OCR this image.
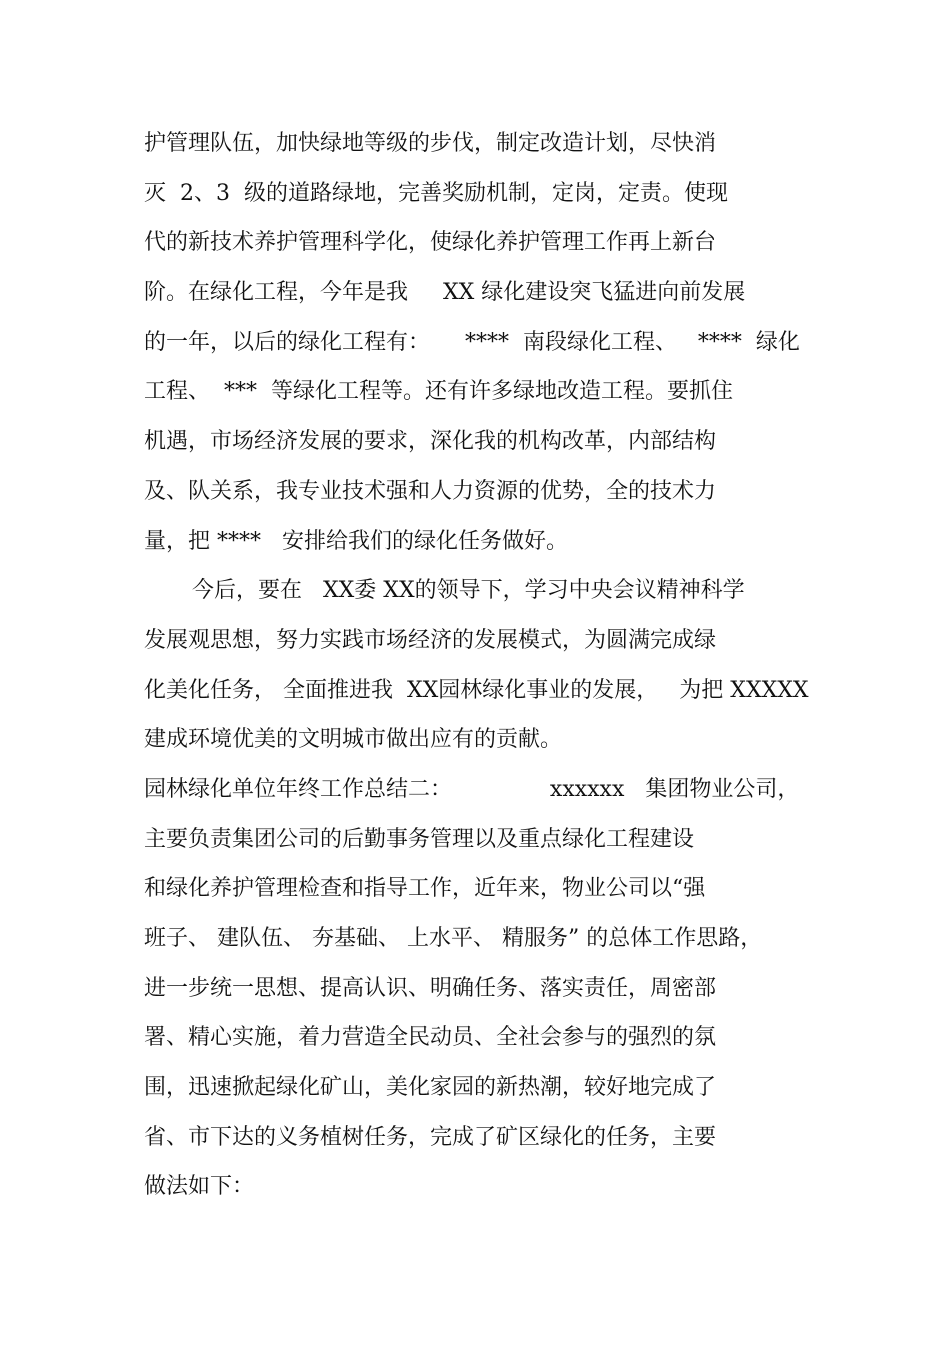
护管理队伍，加快绿地等级的步伐，制定改造计划，尽快消

灭  2、3  级的道路绿地，完善奖励机制，定岗，定责。使现

代的新技术养护管理科学化，使绿化养护管理工作再上新台

阶。在绿化工程，今年是我     XX 绿化建设突飞猛进向前发展

的一年，以后的绿化工程有：     ****  南段绿化工程、   ****  绿化

工程、  ***  等绿化工程等。还有许多绿地改造工程。要抓住

机遇，市场经济发展的要求，深化我的机构改革，内部结构

及、队关系，我专业技术强和人力资源的优势，全的技术力

量，把 ****   安排给我们的绿化任务做好。

今后，要在   XX委 XX的领导下，学习中央会议精神科学

发展观思想，努力实践市场经济的发展模式，为圆满完成绿

化美化任务， 全面推进我  XX园林绿化事业的发展，   为把 XXXXX

建成环境优美的文明城市做出应有的贡献。

园林绿化单位年终工作总结二：              xxxxxx   集团物业公司，

主要负责集团公司的后勤事务管理以及重点绿化工程建设

和绿化养护管理检查和指导工作，近年来，物业公司以“强

班子、 建队伍、 夯基础、 上水平、 精服务” 的总体工作思路，

进一步统一思想、提高认识、明确任务、落实责任，周密部

署、精心实施，着力营造全民动员、全社会参与的强烈的氛

围，迅速掀起绿化矿山，美化家园的新热潮，较好地完成了

省、市下达的义务植树任务，完成了矿区绿化的任务，主要

做法如下：
